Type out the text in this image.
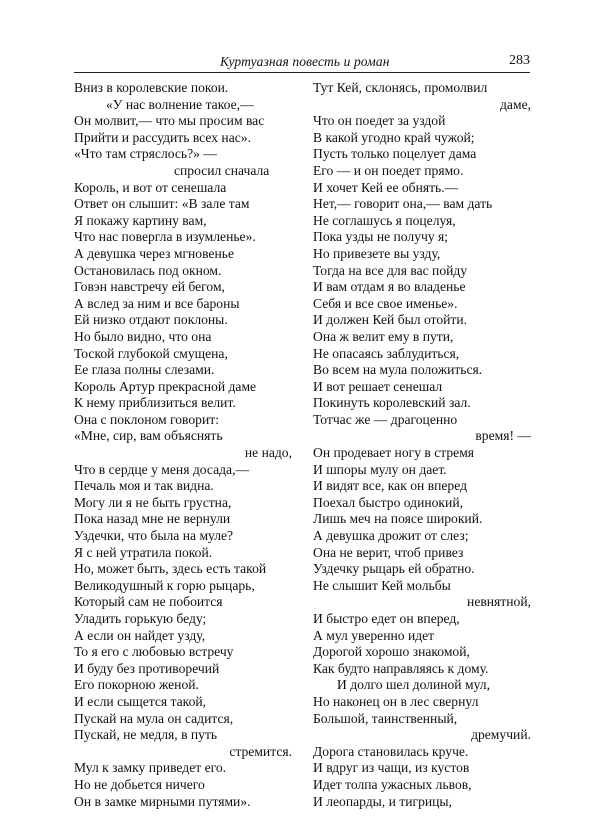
Куртуазная повесть и роман	283
Вниз в королевские покои.
«У нас волнение такое,—
Он молвит,— что мы просим вас
Прийти и рассудить всех нас».
«Что там стряслось?» —
спросил сначала
Король, и вот от сенешала
Ответ он слышит: «В зале там
Я покажу картину вам,
Что нас повергла в изумленье».
А девушка через мгновенье
Остановилась под окном.
Говэн навстречу ей бегом,
А вслед за ним и все бароны
Ей низко отдают поклоны.
Но было видно, что она
Тоской глубокой смущена,
Ее глаза полны слезами.
Король Артур прекрасной даме
К нему приблизиться велит.
Она с поклоном говорит:
«Мне, сир, вам объяснять
не надо,
Что в сердце у меня досада,—
Печаль моя и так видна.
Могу ли я не быть грустна,
Пока назад мне не вернули
Уздечки, что была на муле?
Я с ней утратила покой.
Но, может быть, здесь есть такой
Великодушный к горю рыцарь,
Который сам не побоится
Уладить горькую беду;
А если он найдет узду,
То я его с любовью встречу
И буду без противоречий
Его покорною женой.
И если сыщется такой,
Пускай на мула он садится,
Пускай, не медля, в путь
стремится.
Мул к замку приведет его.
Но не добьется ничего
Он в замке мирными путями».
Тут Кей, склонясь, промолвил
даме,
Что он поедет за уздой
В какой угодно край чужой;
Пусть только поцелует дама
Его — и он поедет прямо.
И хочет Кей ее обнять.—
Нет,— говорит она,— вам дать
Не соглашусь я поцелуя,
Пока узды не получу я;
Но привезете вы узду,
Тогда на все для вас пойду
И вам отдам я во владенье
Себя и все свое именье».
И должен Кей был отойти.
Она ж велит ему в пути,
Не опасаясь заблудиться,
Во всем на мула положиться.
И вот решает сенешал
Покинуть королевский зал.
Тотчас же — драгоценно
время! —
Он продевает ногу в стремя
И шпоры мулу он дает.
И видят все, как он вперед
Поехал быстро одинокий,
Лишь меч на поясе широкий.
А девушка дрожит от слез;
Она не верит, чтоб привез
Уздечку рыцарь ей обратно.
Не слышит Кей мольбы
невнятной,
И быстро едет он вперед,
А мул уверенно идет
Дорогой хорошо знакомой,
Как будто направляясь к дому.
И долго шел долиной мул,
Но наконец он в лес свернул
Большой, таинственный,
дремучий.
Дорога становилась круче.
И вдруг из чащи, из кустов
Идет толпа ужасных львов,
И леопарды, и тигрицы,
